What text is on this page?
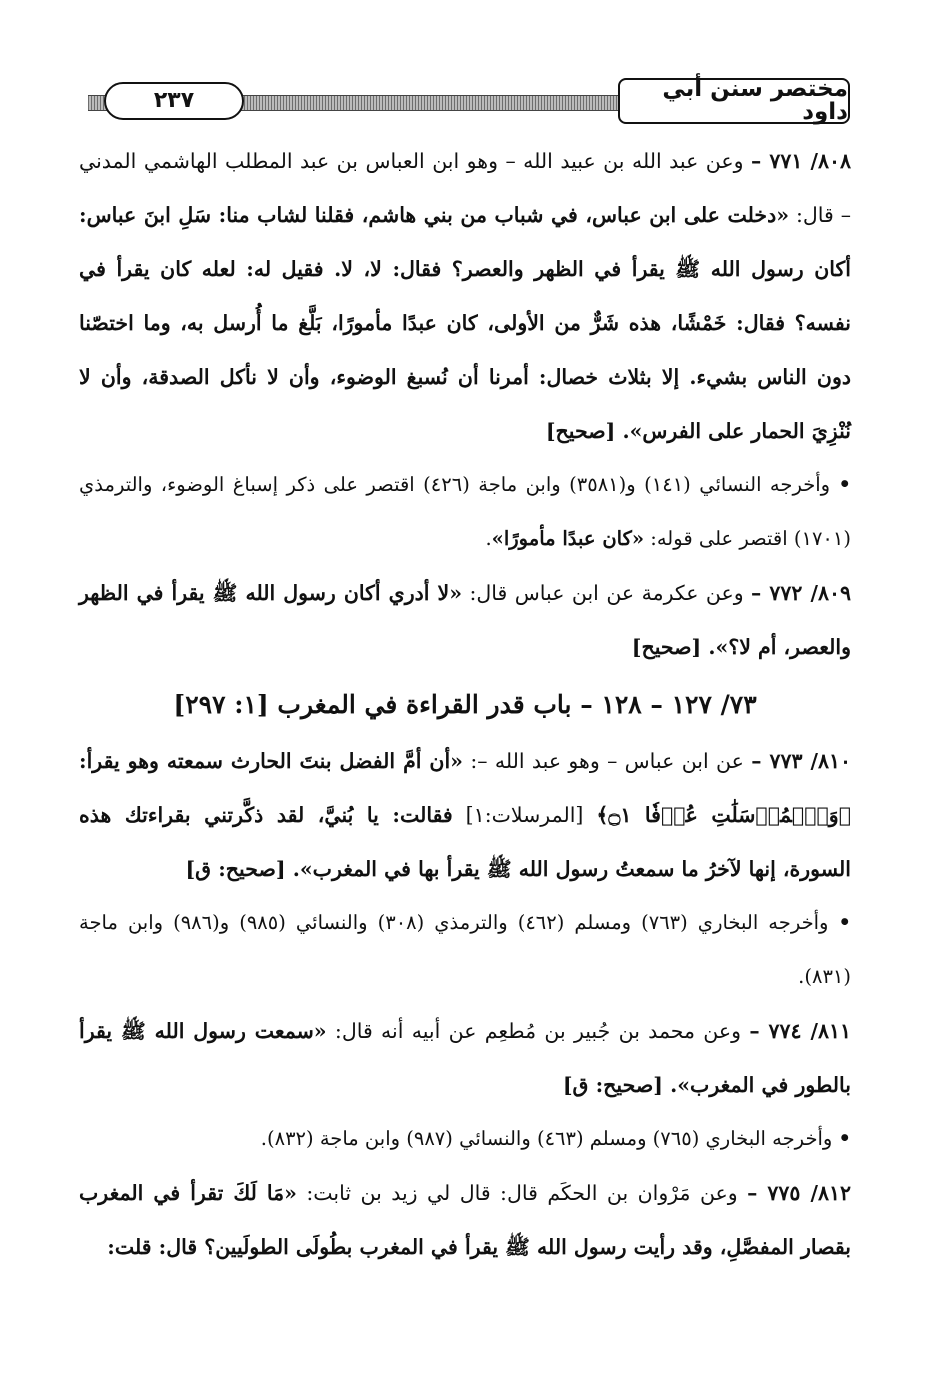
مختصر سنن أبي داود
٢٣٧

٨٠٨/ ٧٧١ – وعن عبد الله بن عبيد الله – وهو ابن العباس بن عبد المطلب الهاشمي المدني – قال: «دخلت على ابن عباس، في شباب من بني هاشم، فقلنا لشاب منا: سَلِ ابنَ عباس: أكان رسول الله ﷺ يقرأ في الظهر والعصر؟ فقال: لا، لا. فقيل له: لعله كان يقرأ في نفسه؟ فقال: خَمْشًا، هذه شَرٌّ من الأولى، كان عبدًا مأمورًا، بَلَّغ ما أُرسل به، وما اختصّنا دون الناس بشيء. إلا بثلاث خصال: أمرنا أن نُسبغ الوضوء، وأن لا نأكل الصدقة، وأن لا نُنْزِيَ الحمار على الفرس». [صحيح]

• وأخرجه النسائي (١٤١) و(٣٥٨١) وابن ماجة (٤٢٦) اقتصر على ذكر إسباغ الوضوء، والترمذي (١٧٠١) اقتصر على قوله: «كان عبدًا مأمورًا».

٨٠٩/ ٧٧٢ – وعن عكرمة عن ابن عباس قال: «لا أدري أكان رسول الله ﷺ يقرأ في الظهر والعصر، أم لا؟». [صحيح]

٧٣/ ١٢٧ – ١٢٨ – باب قدر القراءة في المغرب [١: ٢٩٧]

٨١٠/ ٧٧٣ – عن ابن عباس – وهو عبد الله –: «أن أمَّ الفضل بنتَ الحارث سمعته وهو يقرأ: ﴿وَٱلۡمُرۡسَلَٰتِ عُرۡفٗا ۝١﴾ [المرسلات:١] فقالت: يا بُنيَّ، لقد ذكَّرتني بقراءتك هذه السورة، إنها لآخرُ ما سمعتُ رسول الله ﷺ يقرأ بها في المغرب». [صحيح: ق]

• وأخرجه البخاري (٧٦٣) ومسلم (٤٦٢) والترمذي (٣٠٨) والنسائي (٩٨٥) و(٩٨٦) وابن ماجة (٨٣١).

٨١١/ ٧٧٤ – وعن محمد بن جُبير بن مُطعِم عن أبيه أنه قال: «سمعت رسول الله ﷺ يقرأ بالطور في المغرب». [صحيح: ق]

• وأخرجه البخاري (٧٦٥) ومسلم (٤٦٣) والنسائي (٩٨٧) وابن ماجة (٨٣٢).

٨١٢/ ٧٧٥ – وعن مَرْوان بن الحكَم قال: قال لي زيد بن ثابت: «مَا لَكَ تقرأ في المغرب بقصار المفصَّلِ، وقد رأيت رسول الله ﷺ يقرأ في المغرب بطُولَى الطولَيين؟ قال: قلت:
